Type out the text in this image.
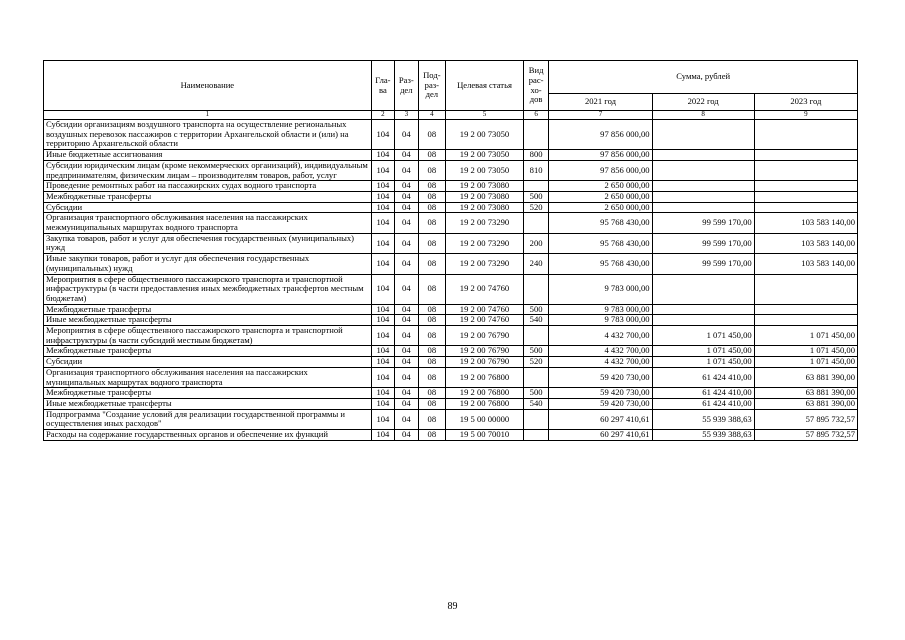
Наименование	Гла-ва	Раз-дел	Под-раз-дел	Целевая статья	Вид рас-хо-дов	Сумма, рублей		
						2021 год	2022 год	2023 год
1	2	3	4	5	6	7	8	9
Субсидии организациям воздушного транспорта на осуществление региональных воздушных перевозок пассажиров с территории Архангельской области и (или) на территорию Архангельской области	104	04	08	19 2 00 73050		97 856 000,00		
Иные бюджетные ассигнования	104	04	08	19 2 00 73050	800	97 856 000,00		
Субсидии юридическим лицам (кроме некоммерческих организаций), индивидуальным предпринимателям, физическим лицам – производителям товаров, работ, услуг	104	04	08	19 2 00 73050	810	97 856 000,00		
Проведение ремонтных работ на пассажирских судах водного транспорта	104	04	08	19 2 00 73080		2 650 000,00		
Межбюджетные трансферты	104	04	08	19 2 00 73080	500	2 650 000,00		
Субсидии	104	04	08	19 2 00 73080	520	2 650 000,00		
Организация транспортного обслуживания населения на пассажирских межмуниципальных маршрутах водного транспорта	104	04	08	19 2 00 73290		95 768 430,00	99 599 170,00	103 583 140,00
Закупка товаров, работ и услуг для обеспечения государственных (муниципальных) нужд	104	04	08	19 2 00 73290	200	95 768 430,00	99 599 170,00	103 583 140,00
Иные закупки товаров, работ и услуг для обеспечения государственных (муниципальных) нужд	104	04	08	19 2 00 73290	240	95 768 430,00	99 599 170,00	103 583 140,00
Мероприятия в сфере общественного пассажирского транспорта и транспортной инфраструктуры (в части предоставления иных межбюджетных трансфертов местным бюджетам)	104	04	08	19 2 00 74760		9 783 000,00		
Межбюджетные трансферты	104	04	08	19 2 00 74760	500	9 783 000,00		
Иные межбюджетные трансферты	104	04	08	19 2 00 74760	540	9 783 000,00		
Мероприятия в сфере общественного пассажирского транспорта и транспортной инфраструктуры (в части субсидий местным бюджетам)	104	04	08	19 2 00 76790		4 432 700,00	1 071 450,00	1 071 450,00
Межбюджетные трансферты	104	04	08	19 2 00 76790	500	4 432 700,00	1 071 450,00	1 071 450,00
Субсидии	104	04	08	19 2 00 76790	520	4 432 700,00	1 071 450,00	1 071 450,00
Организация транспортного обслуживания населения на пассажирских муниципальных маршрутах водного транспорта	104	04	08	19 2 00 76800		59 420 730,00	61 424 410,00	63 881 390,00
Межбюджетные трансферты	104	04	08	19 2 00 76800	500	59 420 730,00	61 424 410,00	63 881 390,00
Иные межбюджетные трансферты	104	04	08	19 2 00 76800	540	59 420 730,00	61 424 410,00	63 881 390,00
Подпрограмма "Создание условий для реализации государственной программы и осуществления иных расходов"	104	04	08	19 5 00 00000		60 297 410,61	55 939 388,63	57 895 732,57
Расходы на содержание государственных органов и обеспечение их функций	104	04	08	19 5 00 70010		60 297 410,61	55 939 388,63	57 895 732,57
89
